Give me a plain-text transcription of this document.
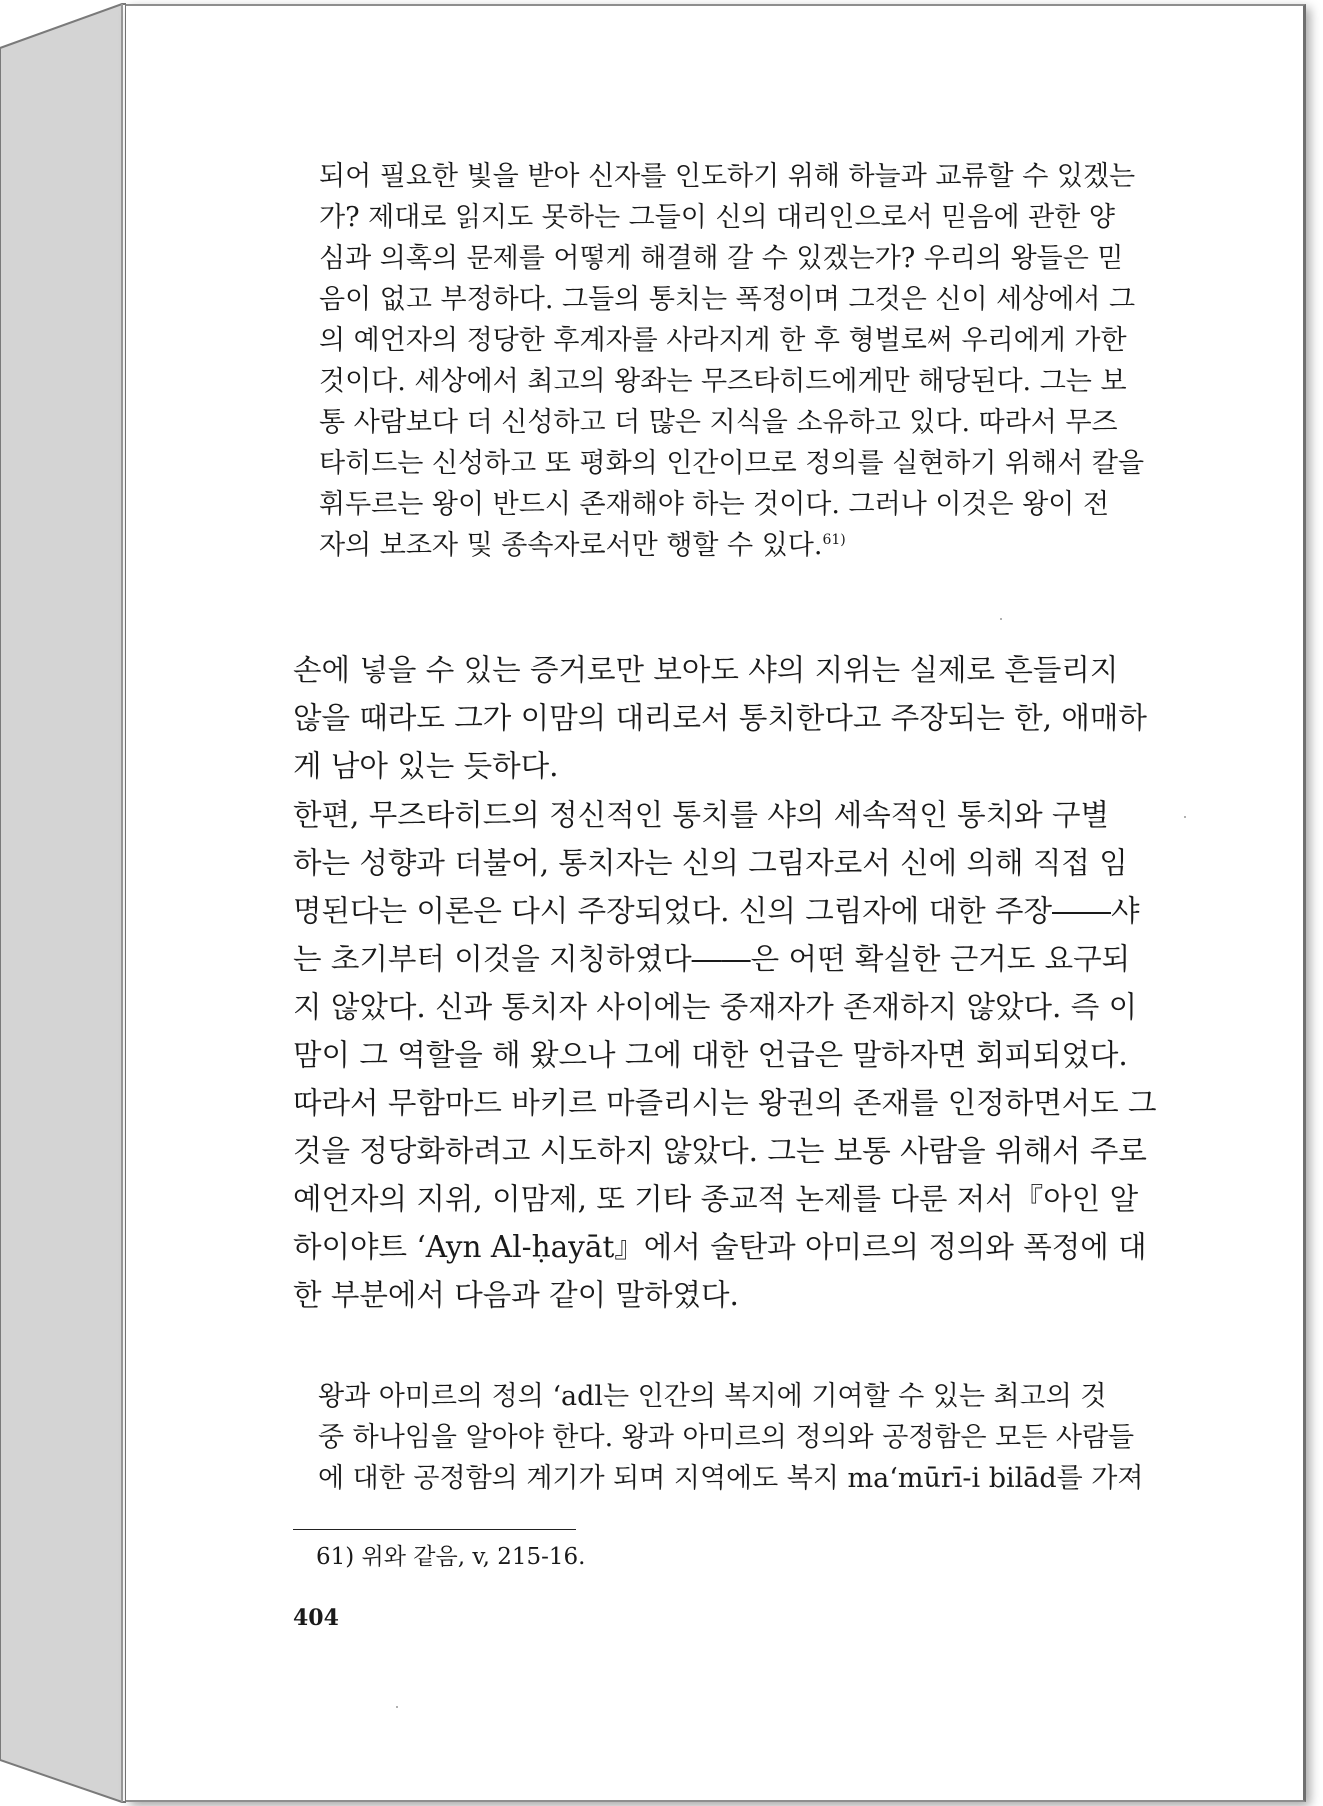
되어 필요한 빛을 받아 신자를 인도하기 위해 하늘과 교류할 수 있겠는
가? 제대로 읽지도 못하는 그들이 신의 대리인으로서 믿음에 관한 양
심과 의혹의 문제를 어떻게 해결해 갈 수 있겠는가? 우리의 왕들은 믿
음이 없고 부정하다. 그들의 통치는 폭정이며 그것은 신이 세상에서 그
의 예언자의 정당한 후계자를 사라지게 한 후 형벌로써 우리에게 가한
것이다. 세상에서 최고의 왕좌는 무즈타히드에게만 해당된다. 그는 보
통 사람보다 더 신성하고 더 많은 지식을 소유하고 있다. 따라서 무즈
타히드는 신성하고 또 평화의 인간이므로 정의를 실현하기 위해서 칼을
휘두르는 왕이 반드시 존재해야 하는 것이다. 그러나 이것은 왕이 전
자의 보조자 및 종속자로서만 행할 수 있다.$^{61)}$
손에 넣을 수 있는 증거로만 보아도 샤의 지위는 실제로 흔들리지
않을 때라도 그가 이맘의 대리로서 통치한다고 주장되는 한, 애매하
게 남아 있는 듯하다.
한편, 무즈타히드의 정신적인 통치를 샤의 세속적인 통치와 구별
하는 성향과 더불어, 통치자는 신의 그림자로서 신에 의해 직접 임
명된다는 이론은 다시 주장되었다. 신의 그림자에 대한 주장――샤
는 초기부터 이것을 지칭하였다――은 어떤 확실한 근거도 요구되
지 않았다. 신과 통치자 사이에는 중재자가 존재하지 않았다. 즉 이
맘이 그 역할을 해 왔으나 그에 대한 언급은 말하자면 회피되었다.
따라서 무함마드 바키르 마즐리시는 왕권의 존재를 인정하면서도 그
것을 정당화하려고 시도하지 않았다. 그는 보통 사람을 위해서 주로
예언자의 지위, 이맘제, 또 기타 종교적 논제를 다룬 저서『아인 알
하이야트 ‘Ayn Al-ḥayāt』에서 술탄과 아미르의 정의와 폭정에 대
한 부분에서 다음과 같이 말하였다.
왕과 아미르의 정의 ‘adl는 인간의 복지에 기여할 수 있는 최고의 것
중 하나임을 알아야 한다. 왕과 아미르의 정의와 공정함은 모든 사람들
에 대한 공정함의 계기가 되며 지역에도 복지 ma‘mūrī-i bilād를 가져
61) 위와 같음, v, 215-16.
404
